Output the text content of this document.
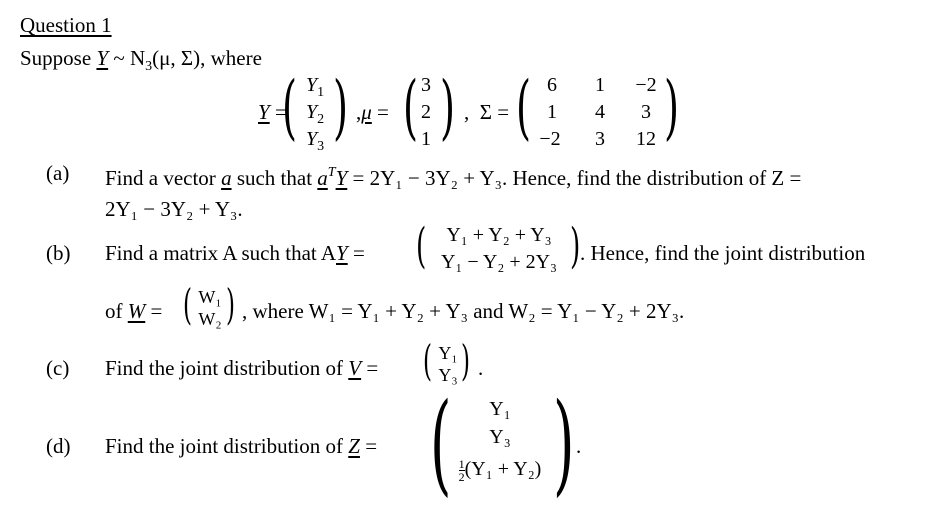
Question 1
Suppose Y ~ $N_3(\mu$, Σ), where
Y =
( $Y_1$
$Y_2$
$Y_3$ ) ,μ = ( 3
2
1 ) ,  Σ = ( 6	1	−2
1	4	3
−2	3	12 )
(a) Find a vector a such that $a^TY = 2Y_1 - 3Y_2 + Y_3$. Hence, find the distribution of Z =
2Y₁ − 3Y₂ + Y₃.
(b) Find a matrix A such that AY = (	Y₁ + Y₂ + Y₃
Y₁ − Y₂ + 2Y₃ ) . Hence, find the joint distribution
of W = ( W₁
W₂ ) , where W₁ = Y₁ + Y₂ + Y₃ and W₂ = Y₁ − Y₂ + 2Y₃.
(c) Find the joint distribution of V = ( Y₁
Y₃ ) .
(d) Find the joint distribution of Z = (	Y₁
Y₃
$\frac{1}{2} (Y_1 + Y_2)$ ) .
